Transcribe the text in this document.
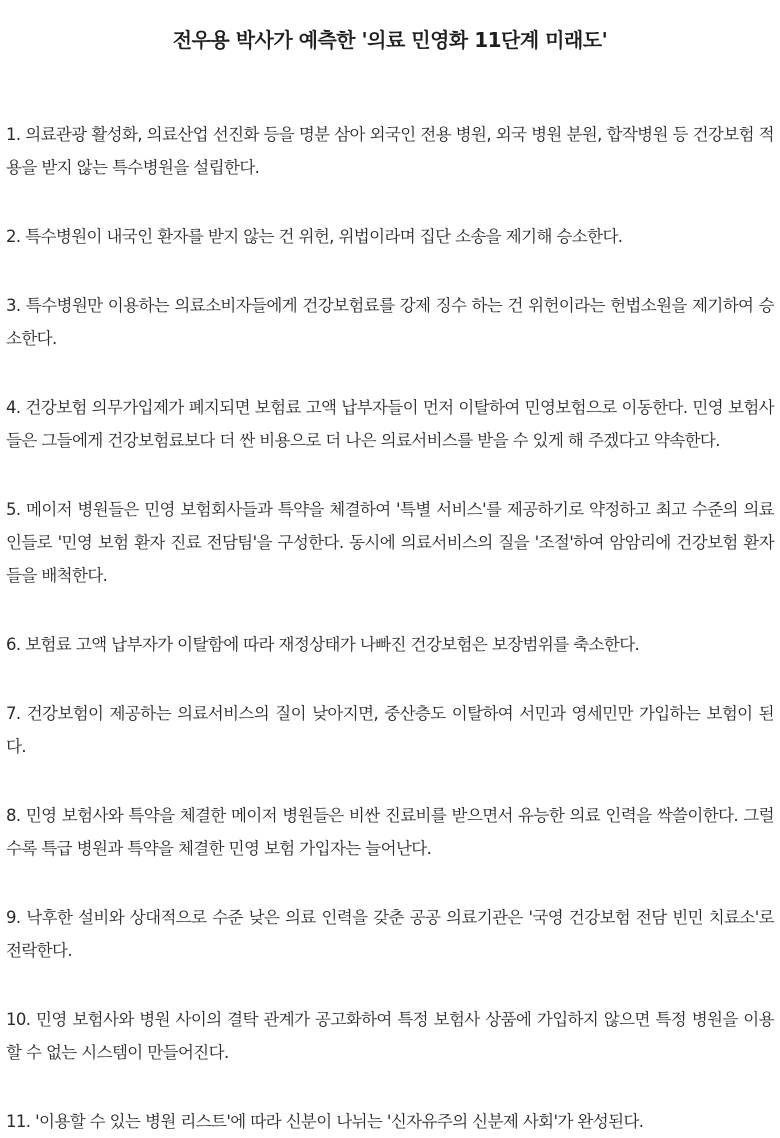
전우용 박사가 예측한 '의료 민영화 11단계 미래도'

1. 의료관광 활성화, 의료산업 선진화 등을 명분 삼아 외국인 전용 병원, 외국 병원 분원, 합작병원 등 건강보험 적용을 받지 않는 특수병원을 설립한다.

2. 특수병원이 내국인 환자를 받지 않는 건 위헌, 위법이라며 집단 소송을 제기해 승소한다.

3. 특수병원만 이용하는 의료소비자들에게 건강보험료를 강제 징수 하는 건 위헌이라는 헌법소원을 제기하여 승소한다.

4. 건강보험 의무가입제가 폐지되면 보험료 고액 납부자들이 먼저 이탈하여 민영보험으로 이동한다. 민영 보험사들은 그들에게 건강보험료보다 더 싼 비용으로 더 나은 의료서비스를 받을 수 있게 해 주겠다고 약속한다.

5. 메이저 병원들은 민영 보험회사들과 특약을 체결하여 '특별 서비스'를 제공하기로 약정하고 최고 수준의 의료인들로 '민영 보험 환자 진료 전담팀'을 구성한다. 동시에 의료서비스의 질을 '조절'하여 암암리에 건강보험 환자들을 배척한다.

6. 보험료 고액 납부자가 이탈함에 따라 재정상태가 나빠진 건강보험은 보장범위를 축소한다.

7. 건강보험이 제공하는 의료서비스의 질이 낮아지면, 중산층도 이탈하여 서민과 영세민만 가입하는 보험이 된다.

8. 민영 보험사와 특약을 체결한 메이저 병원들은 비싼 진료비를 받으면서 유능한 의료 인력을 싹쓸이한다. 그럴수록 특급 병원과 특약을 체결한 민영 보험 가입자는 늘어난다.

9. 낙후한 설비와 상대적으로 수준 낮은 의료 인력을 갖춘 공공 의료기관은 '국영 건강보험 전담 빈민 치료소'로 전락한다.

10. 민영 보험사와 병원 사이의 결탁 관계가 공고화하여 특정 보험사 상품에 가입하지 않으면 특정 병원을 이용할 수 없는 시스템이 만들어진다.

11. '이용할 수 있는 병원 리스트'에 따라 신분이 나뉘는 '신자유주의 신분제 사회'가 완성된다.
